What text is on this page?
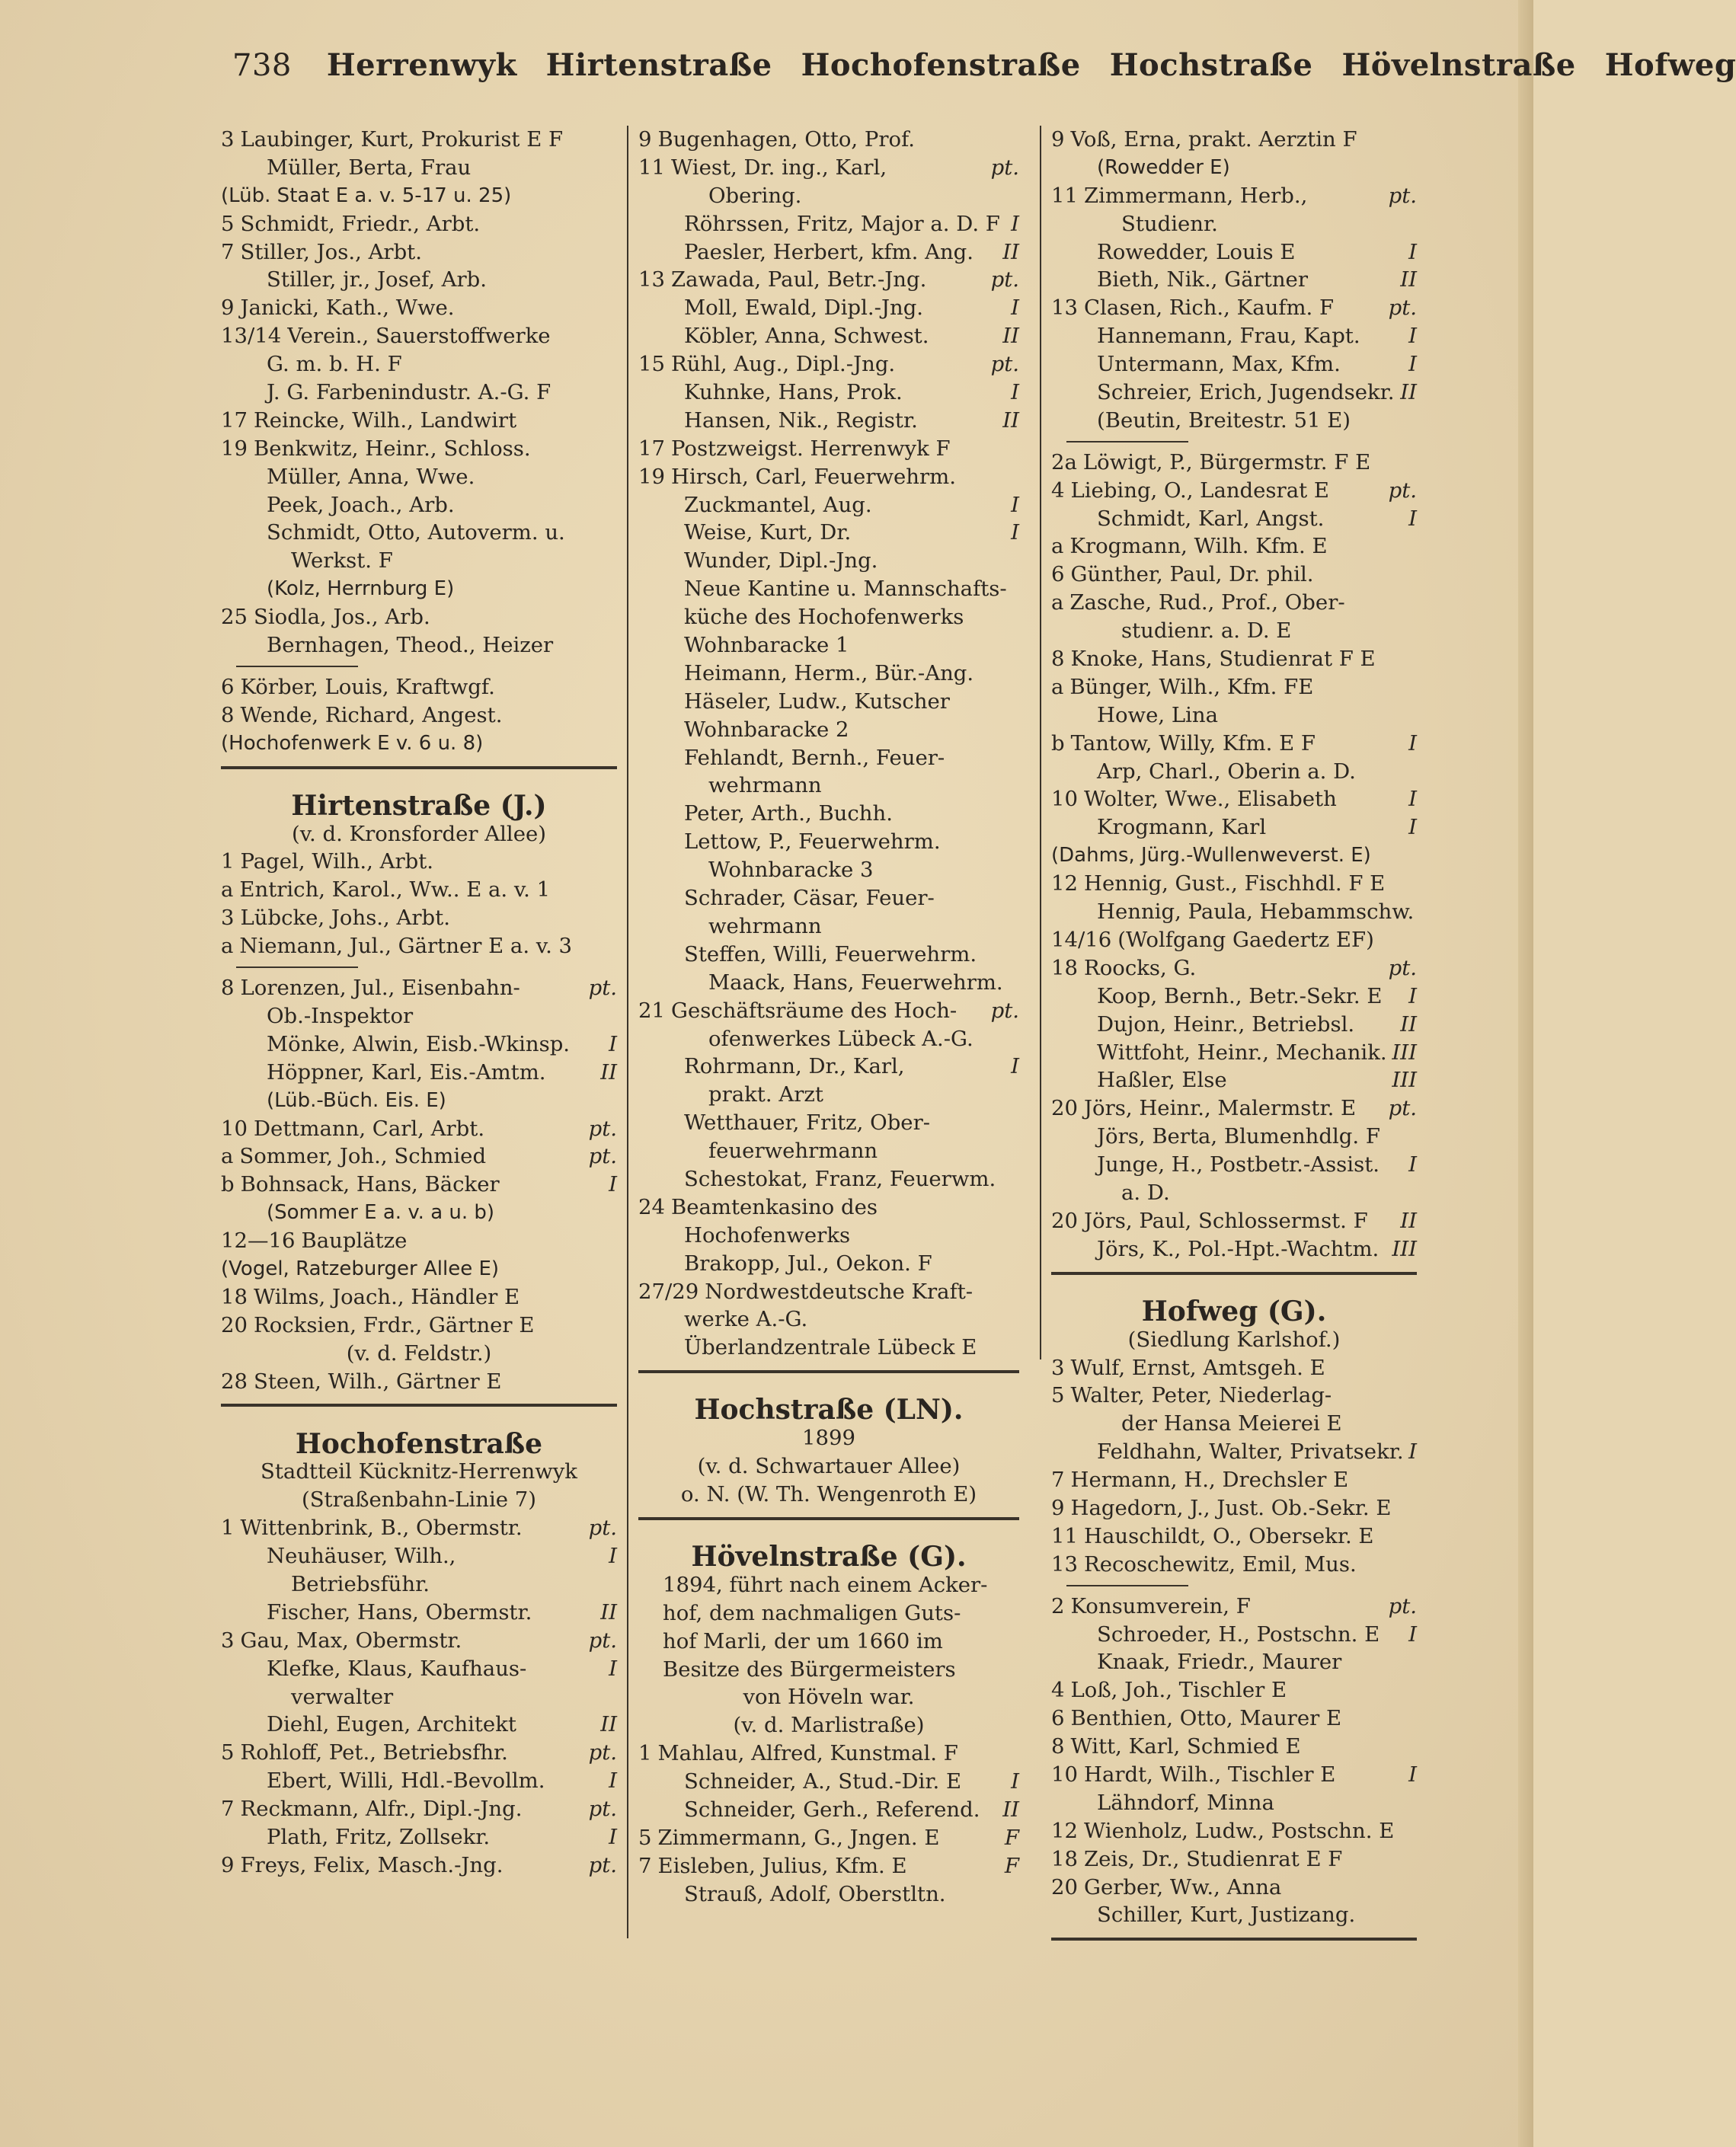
738 Herrenwyk Hirtenstraße Hochofenstraße Hochstraße Hövelnstraße Hofweg
3 Laubinger, Kurt, Prokurist E F
Müller, Berta, Frau
(Lüb. Staat E a. v. 5-17 u. 25)
5 Schmidt, Friedr., Arbt.
7 Stiller, Jos., Arbt.
Stiller, jr., Josef, Arb.
9 Janicki, Kath., Wwe.
13/14 Verein., Sauerstoffwerke
G. m. b. H. F
J. G. Farbenindustr. A.-G. F
17 Reincke, Wilh., Landwirt
19 Benkwitz, Heinr., Schloss.
Müller, Anna, Wwe.
Peek, Joach., Arb.
Schmidt, Otto, Autoverm. u.
Werkst. F
(Kolz, Herrnburg E)
25 Siodla, Jos., Arb.
Bernhagen, Theod., Heizer
6 Körber, Louis, Kraftwgf.
8 Wende, Richard, Angest.
(Hochofenwerk E v. 6 u. 8)
Hirtenstraße (J.)
(v. d. Kronsforder Allee)
1 Pagel, Wilh., Arbt.
a Entrich, Karol., Ww.. E a. v. 1
3 Lübcke, Johs., Arbt.
a Niemann, Jul., Gärtner E a. v. 3
8 Lorenzen, Jul., Eisenbahn-	pt.
Ob.-Inspektor
Mönke, Alwin, Eisb.-Wkinsp.	I
Höppner, Karl, Eis.-Amtm.	II
(Lüb.-Büch. Eis. E)
10 Dettmann, Carl, Arbt.	pt.
a Sommer, Joh., Schmied	pt.
b Bohnsack, Hans, Bäcker	I
(Sommer E a. v. a u. b)
12—16 Bauplätze
(Vogel, Ratzeburger Allee E)
18 Wilms, Joach., Händler E
20 Rocksien, Frdr., Gärtner E
(v. d. Feldstr.)
28 Steen, Wilh., Gärtner E
Hochofenstraße
Stadtteil Kücknitz-Herrenwyk
(Straßenbahn-Linie 7)
1 Wittenbrink, B., Obermstr.	pt.
Neuhäuser, Wilh.,	I
Betriebsführ.
Fischer, Hans, Obermstr.	II
3 Gau, Max, Obermstr.	pt.
Klefke, Klaus, Kaufhaus-	I
verwalter
Diehl, Eugen, Architekt	II
5 Rohloff, Pet., Betriebsfhr.	pt.
Ebert, Willi, Hdl.-Bevollm.	I
7 Reckmann, Alfr., Dipl.-Jng.	pt.
Plath, Fritz, Zollsekr.	I
9 Freys, Felix, Masch.-Jng.	pt.
9 Bugenhagen, Otto, Prof.
11 Wiest, Dr. ing., Karl,	pt.
Obering.
Röhrssen, Fritz, Major a. D. F I
Paesler, Herbert, kfm. Ang.	II
13 Zawada, Paul, Betr.-Jng.	pt.
Moll, Ewald, Dipl.-Jng.	I
Köbler, Anna, Schwest.	II
15 Rühl, Aug., Dipl.-Jng.	pt.
Kuhnke, Hans, Prok.	I
Hansen, Nik., Registr.	II
17 Postzweigst. Herrenwyk F
19 Hirsch, Carl, Feuerwehrm.
Zuckmantel, Aug.	I
Weise, Kurt, Dr.	I
Wunder, Dipl.-Jng.
Neue Kantine u. Mannschafts-
küche des Hochofenwerks
Wohnbaracke 1
Heimann, Herm., Bür.-Ang.
Häseler, Ludw., Kutscher
Wohnbaracke 2
Fehlandt, Bernh., Feuer-
wehrmann
Peter, Arth., Buchh.
Lettow, P., Feuerwehrm.
Wohnbaracke 3
Schrader, Cäsar, Feuer-
wehrmann
Steffen, Willi, Feuerwehrm.
Maack, Hans, Feuerwehrm.
21 Geschäftsräume des Hoch-	pt.
ofenwerkes Lübeck A.-G.
Rohrmann, Dr., Karl,	I
prakt. Arzt
Wetthauer, Fritz, Ober-
feuerwehrmann
Schestokat, Franz, Feuerwm.
24 Beamtenkasino des
Hochofenwerks
Brakopp, Jul., Oekon. F
27/29 Nordwestdeutsche Kraft-
werke A.-G.
Überlandzentrale Lübeck E
Hochstraße (LN).
1899
(v. d. Schwartauer Allee)
o. N. (W. Th. Wengenroth E)
Hövelnstraße (G).
1894, führt nach einem Acker-
hof, dem nachmaligen Guts-
hof Marli, der um 1660 im
Besitze des Bürgermeisters
von Höveln war.
(v. d. Marlistraße)
1 Mahlau, Alfred, Kunstmal. F
Schneider, A., Stud.-Dir. E	I
Schneider, Gerh., Referend.	II
5 Zimmermann, G., Jngen. E	F
7 Eisleben, Julius, Kfm. E	F
Strauß, Adolf, Oberstltn.
9 Voß, Erna, prakt. Aerztin F
(Rowedder E)
11 Zimmermann, Herb.,	pt.
Studienr.
Rowedder, Louis E	I
Bieth, Nik., Gärtner	II
13 Clasen, Rich., Kaufm. F	pt.
Hannemann, Frau, Kapt.	I
Untermann, Max, Kfm.	I
Schreier, Erich, Jugendsekr. II
(Beutin, Breitestr. 51 E)
2a Löwigt, P., Bürgermstr. F E
4 Liebing, O., Landesrat E	pt.
Schmidt, Karl, Angst.	I
a Krogmann, Wilh. Kfm. E
6 Günther, Paul, Dr. phil.
a Zasche, Rud., Prof., Ober-
studienr. a. D. E
8 Knoke, Hans, Studienrat F E
a Bünger, Wilh., Kfm. FE
Howe, Lina
b Tantow, Willy, Kfm. E F	I
Arp, Charl., Oberin a. D.
10 Wolter, Wwe., Elisabeth	I
Krogmann, Karl	I
(Dahms, Jürg.-Wullenweverst. E)
12 Hennig, Gust., Fischhdl. F E
Hennig, Paula, Hebammschw.
14/16 (Wolfgang Gaedertz EF)
18 Roocks, G.	pt.
Koop, Bernh., Betr.-Sekr. E	I
Dujon, Heinr., Betriebsl.	II
Wittfoht, Heinr., Mechanik. III
Haßler, Else	III
20 Jörs, Heinr., Malermstr. E	pt.
Jörs, Berta, Blumenhdlg. F
Junge, H., Postbetr.-Assist.	I
a. D.
20 Jörs, Paul, Schlossermst. F	II
Jörs, K., Pol.-Hpt.-Wachtm. III
Hofweg (G).
(Siedlung Karlshof.)
3 Wulf, Ernst, Amtsgeh. E
5 Walter, Peter, Niederlag-
der Hansa Meierei E
Feldhahn, Walter, Privatsekr. I
7 Hermann, H., Drechsler E
9 Hagedorn, J., Just. Ob.-Sekr. E
11 Hauschildt, O., Obersekr. E
13 Recoschewitz, Emil, Mus.
2 Konsumverein, F	pt.
Schroeder, H., Postschn. E	I
Knaak, Friedr., Maurer
4 Loß, Joh., Tischler E
6 Benthien, Otto, Maurer E
8 Witt, Karl, Schmied E
10 Hardt, Wilh., Tischler E	I
Lähndorf, Minna
12 Wienholz, Ludw., Postschn. E
18 Zeis, Dr., Studienrat E F
20 Gerber, Ww., Anna
Schiller, Kurt, Justizang.
